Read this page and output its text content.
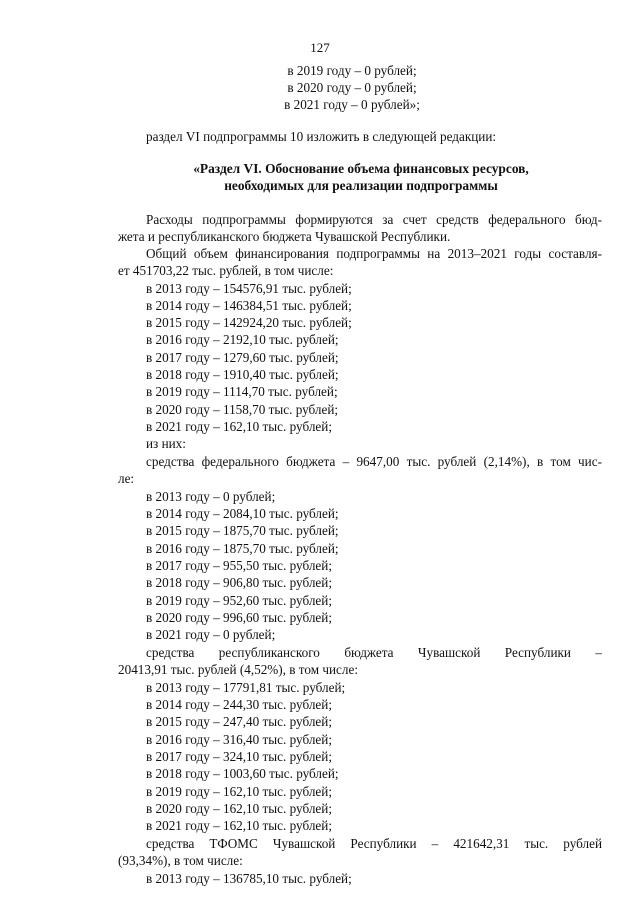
127
в 2019 году – 0 рублей;
в 2020 году – 0 рублей;
в 2021 году – 0 рублей»;
раздел VI подпрограммы 10 изложить в следующей редакции:
«Раздел VI. Обоснование объема финансовых ресурсов,
необходимых для реализации подпрограммы
Расходы подпрограммы формируются за счет средств федерального бюд-
жета и республиканского бюджета Чувашской Республики.
Общий объем финансирования подпрограммы на 2013–2021 годы составля-
ет 451703,22 тыс. рублей, в том числе:
в 2013 году – 154576,91 тыс. рублей;
в 2014 году – 146384,51 тыс. рублей;
в 2015 году – 142924,20 тыс. рублей;
в 2016 году – 2192,10 тыс. рублей;
в 2017 году – 1279,60 тыс. рублей;
в 2018 году – 1910,40 тыс. рублей;
в 2019 году – 1114,70 тыс. рублей;
в 2020 году – 1158,70 тыс. рублей;
в 2021 году – 162,10 тыс. рублей;
из них:
средства федерального бюджета – 9647,00 тыс. рублей (2,14%), в том чис-
ле:
в 2013 году – 0 рублей;
в 2014 году – 2084,10 тыс. рублей;
в 2015 году – 1875,70 тыс. рублей;
в 2016 году – 1875,70 тыс. рублей;
в 2017 году – 955,50 тыс. рублей;
в 2018 году – 906,80 тыс. рублей;
в 2019 году – 952,60 тыс. рублей;
в 2020 году – 996,60 тыс. рублей;
в 2021 году – 0 рублей;
средства республиканского бюджета Чувашской Республики –
20413,91 тыс. рублей (4,52%), в том числе:
в 2013 году – 17791,81 тыс. рублей;
в 2014 году – 244,30 тыс. рублей;
в 2015 году – 247,40 тыс. рублей;
в 2016 году – 316,40 тыс. рублей;
в 2017 году – 324,10 тыс. рублей;
в 2018 году – 1003,60 тыс. рублей;
в 2019 году – 162,10 тыс. рублей;
в 2020 году – 162,10 тыс. рублей;
в 2021 году – 162,10 тыс. рублей;
средства ТФОМС Чувашской Республики – 421642,31 тыс. рублей
(93,34%), в том числе:
в 2013 году – 136785,10 тыс. рублей;
